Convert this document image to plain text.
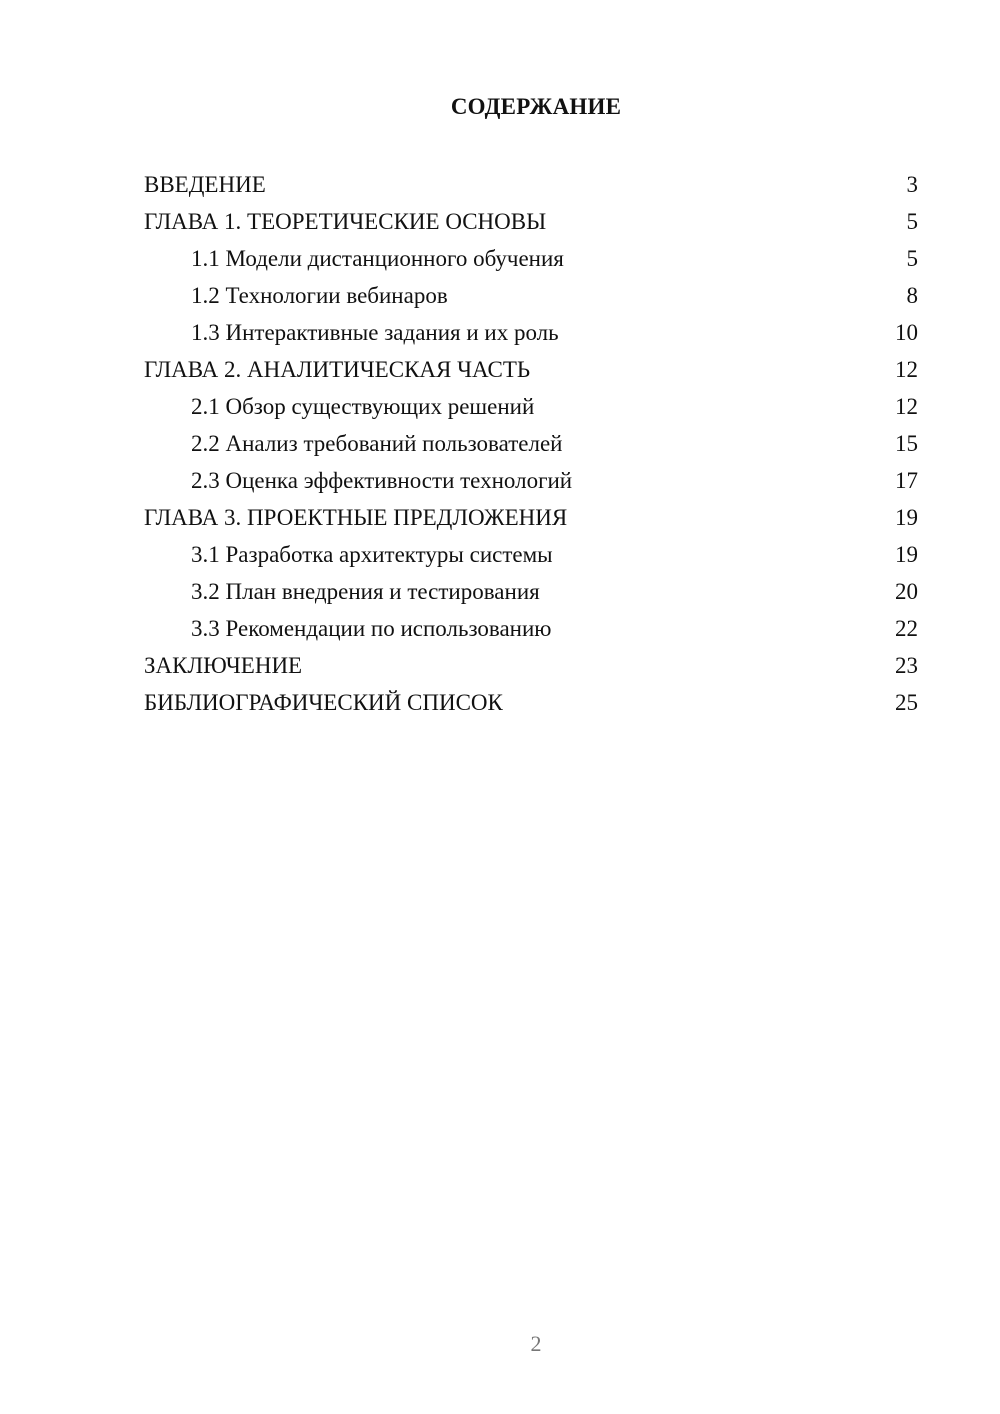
СОДЕРЖАНИЕ
ВВЕДЕНИЕ	3
ГЛАВА 1. ТЕОРЕТИЧЕСКИЕ ОСНОВЫ	5
1.1 Модели дистанционного обучения	5
1.2 Технологии вебинаров	8
1.3 Интерактивные задания и их роль	10
ГЛАВА 2. АНАЛИТИЧЕСКАЯ ЧАСТЬ	12
2.1 Обзор существующих решений	12
2.2 Анализ требований пользователей	15
2.3 Оценка эффективности технологий	17
ГЛАВА 3. ПРОЕКТНЫЕ ПРЕДЛОЖЕНИЯ	19
3.1 Разработка архитектуры системы	19
3.2 План внедрения и тестирования	20
3.3 Рекомендации по использованию	22
ЗАКЛЮЧЕНИЕ	23
БИБЛИОГРАФИЧЕСКИЙ СПИСОК	25
2
